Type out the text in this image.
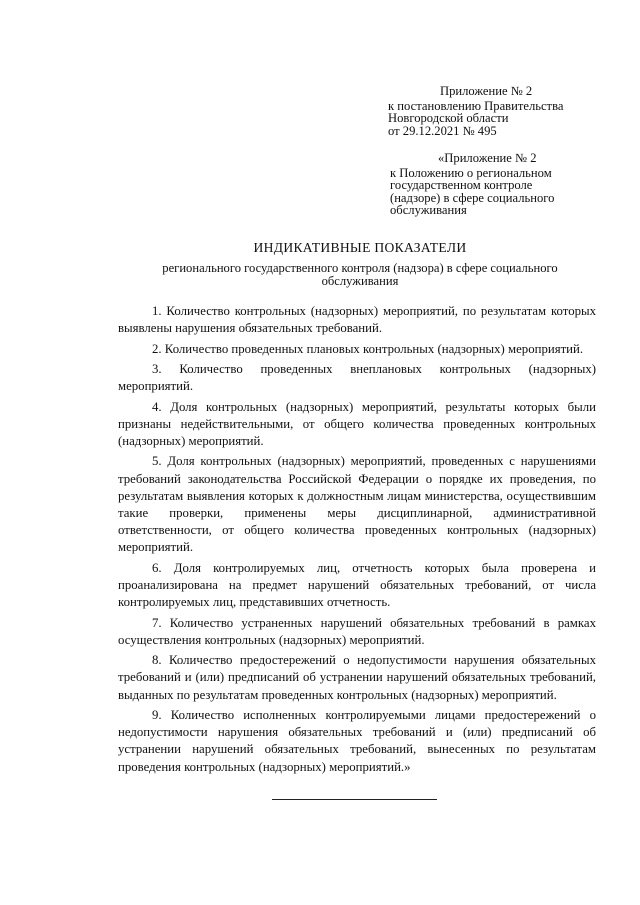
Приложение № 2
к постановлению Правительства
Новгородской области
от 29.12.2021 № 495
«Приложение № 2
к Положению о региональном
государственном контроле
(надзоре) в сфере социального
обслуживания
ИНДИКАТИВНЫЕ ПОКАЗАТЕЛИ
регионального государственного контроля (надзора) в сфере социального
обслуживания

1. Количество контрольных (надзорных) мероприятий, по результатам которых выявлены нарушения обязательных требований.

2. Количество проведенных плановых контрольных (надзорных) мероприятий.

3. Количество проведенных внеплановых контрольных (надзорных) мероприятий.

4. Доля контрольных (надзорных) мероприятий, результаты которых были признаны недействительными, от общего количества проведенных контрольных (надзорных) мероприятий.

5. Доля контрольных (надзорных) мероприятий, проведенных с нарушениями требований законодательства Российской Федерации о порядке их проведения, по результатам выявления которых к должностным лицам министерства, осуществившим такие проверки, применены меры дисциплинарной, административной ответственности, от общего количества проведенных контрольных (надзорных) мероприятий.

6. Доля контролируемых лиц, отчетность которых была проверена и проанализирована на предмет нарушений обязательных требований, от числа контролируемых лиц, представивших отчетность.

7. Количество устраненных нарушений обязательных требований в рамках осуществления контрольных (надзорных) мероприятий.

8. Количество предостережений о недопустимости нарушения обязательных требований и (или) предписаний об устранении нарушений обязательных требований, выданных по результатам проведенных контрольных (надзорных) мероприятий.

9. Количество исполненных контролируемыми лицами предостережений о недопустимости нарушения обязательных требований и (или) предписаний об устранении нарушений обязательных требований, вынесенных по результатам проведения контрольных (надзорных) мероприятий.»
